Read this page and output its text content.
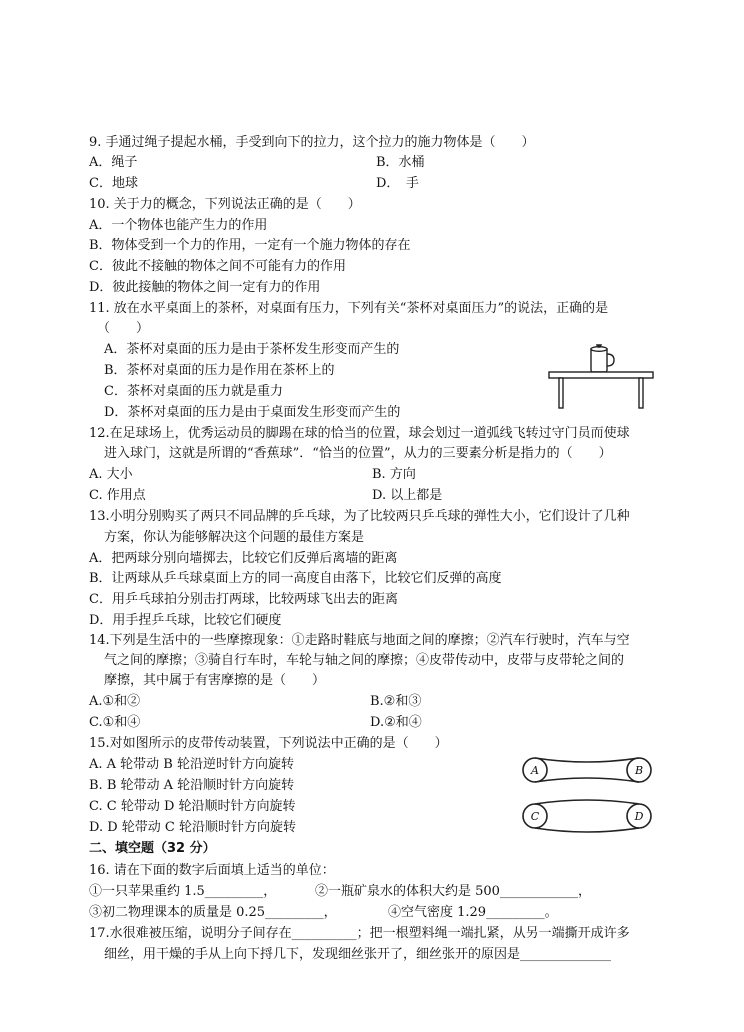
9. 手通过绳子提起水桶，手受到向下的拉力，这个拉力的施力物体是（　　）
A．绳子	B．水桶
C．地球	D．　手
10. 关于力的概念，下列说法正确的是（　　）
A．一个物体也能产生力的作用
B．物体受到一个力的作用，一定有一个施力物体的存在
C．彼此不接触的物体之间不可能有力的作用
D．彼此接触的物体之间一定有力的作用
11. 放在水平桌面上的茶杯，对桌面有压力，下列有关“茶杯对桌面压力”的说法，正确的是
（　　）
A．茶杯对桌面的压力是由于茶杯发生形变而产生的
B．茶杯对桌面的压力是作用在茶杯上的
C．茶杯对桌面的压力就是重力
D．茶杯对桌面的压力是由于桌面发生形变而产生的
12.在足球场上，优秀运动员的脚踢在球的恰当的位置，球会划过一道弧线飞转过守门员而使球
进入球门，这就是所谓的“香蕉球”．“恰当的位置”，从力的三要素分析是指力的（　　）
A. 大小	B. 方向
C. 作用点	D. 以上都是
13.小明分别购买了两只不同品牌的乒乓球，为了比较两只乒乓球的弹性大小，它们设计了几种
方案，你认为能够解决这个问题的最佳方案是
A．把两球分别向墙掷去，比较它们反弹后离墙的距离
B．让两球从乒乓球桌面上方的同一高度自由落下，比较它们反弹的高度
C．用乒乓球拍分别击打两球，比较两球飞出去的距离
D．用手捏乒乓球，比较它们硬度
14.下列是生活中的一些摩擦现象：①走路时鞋底与地面之间的摩擦；②汽车行驶时，汽车与空
气之间的摩擦；③骑自行车时，车轮与轴之间的摩擦；④皮带传动中，皮带与皮带轮之间的
摩擦，其中属于有害摩擦的是（　　）
A.①和②	B.②和③
C.①和④	D.②和④
15.对如图所示的皮带传动装置，下列说法中正确的是（　　）
A. A 轮带动 B 轮沿逆时针方向旋转
B. B 轮带动 A 轮沿顺时针方向旋转
C. C 轮带动 D 轮沿顺时针方向旋转
D. D 轮带动 C 轮沿顺时针方向旋转
A	B
C	D
二、填空题（32 分）
16. 请在下面的数字后面填上适当的单位：
①一只苹果重约 1.5_________，	②一瓶矿泉水的体积大约是 500____________，
③初二物理课本的质量是 0.25_________，	④空气密度 1.29_________。
17.水很难被压缩，说明分子间存在__________；把一根塑料绳一端扎紧，从另一端撕开成许多
细丝，用干燥的手从上向下捋几下，发现细丝张开了，细丝张开的原因是______________
